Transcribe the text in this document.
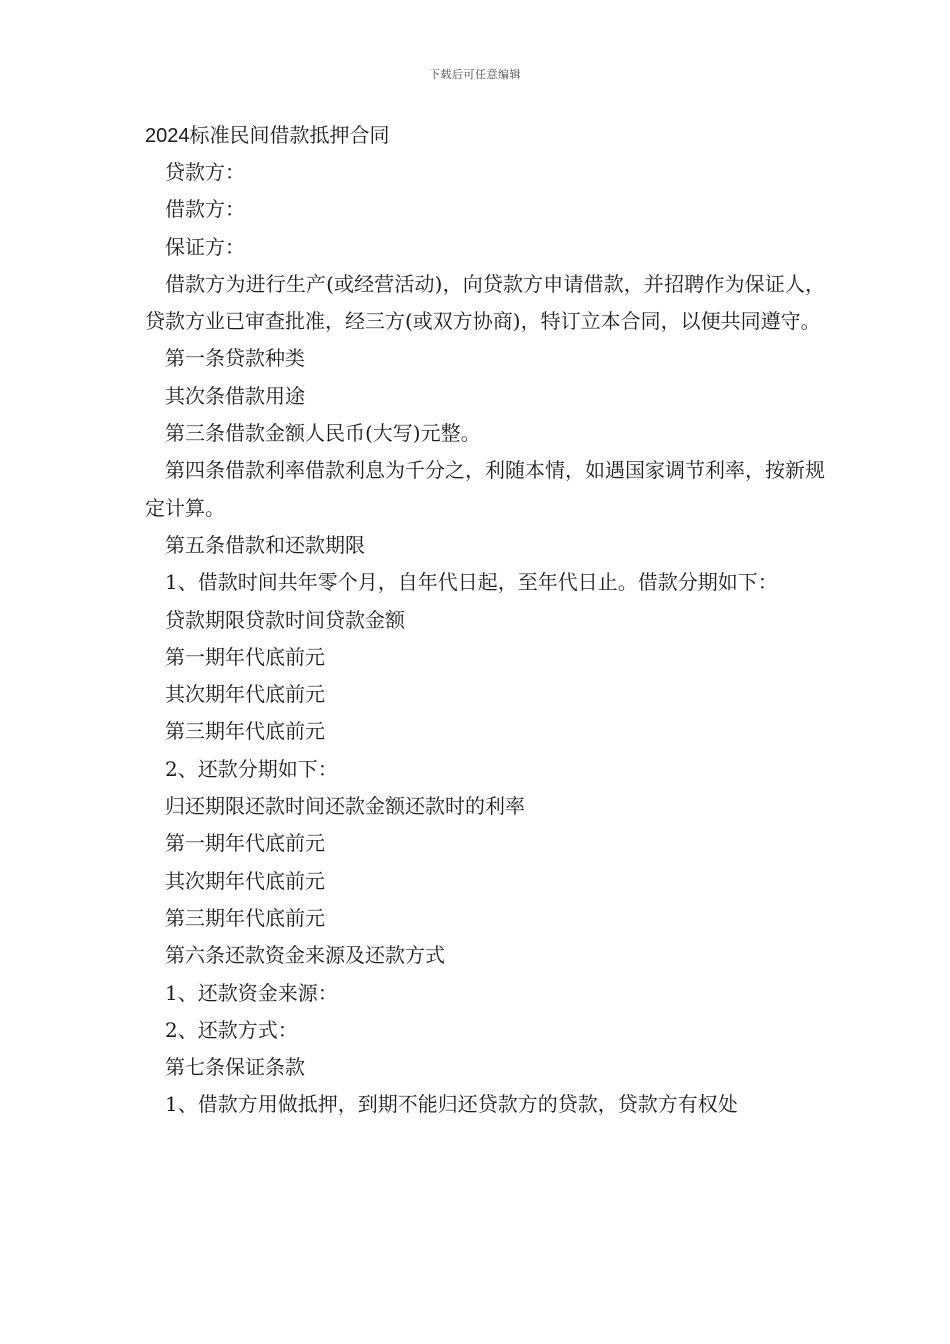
下载后可任意编辑
2024标准民间借款抵押合同

贷款方：

借款方：

保证方：

借款方为进行生产(或经营活动)，向贷款方申请借款，并招聘作为保证人，贷款方业已审查批准，经三方(或双方协商)，特订立本合同，以便共同遵守。

第一条贷款种类

其次条借款用途

第三条借款金额人民币(大写)元整。

第四条借款利率借款利息为千分之，利随本情，如遇国家调节利率，按新规定计算。

第五条借款和还款期限

1、借款时间共年零个月，自年代日起，至年代日止。借款分期如下：

贷款期限贷款时间贷款金额

第一期年代底前元

其次期年代底前元

第三期年代底前元

2、还款分期如下：

归还期限还款时间还款金额还款时的利率

第一期年代底前元

其次期年代底前元

第三期年代底前元

第六条还款资金来源及还款方式

1、还款资金来源：

2、还款方式：

第七条保证条款

1、借款方用做抵押，到期不能归还贷款方的贷款，贷款方有权处
